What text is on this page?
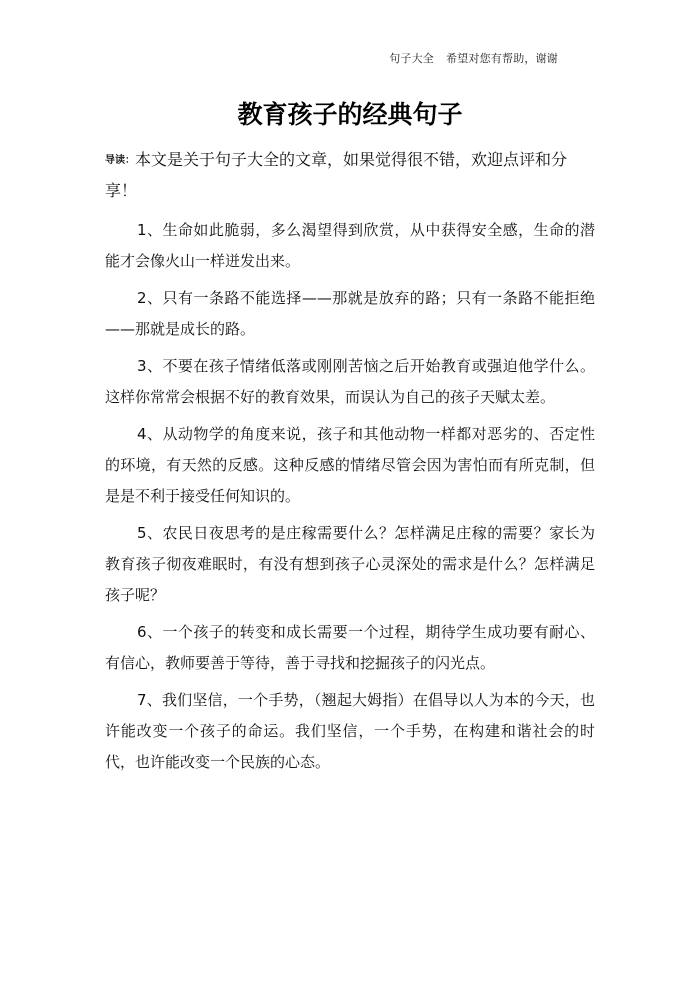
句子大全 希望对您有帮助，谢谢
教育孩子的经典句子
导读：本文是关于句子大全的文章，如果觉得很不错，欢迎点评和分享！

1、生命如此脆弱，多么渴望得到欣赏，从中获得安全感，生命的潜能才会像火山一样迸发出来。

2、只有一条路不能选择——那就是放弃的路；只有一条路不能拒绝——那就是成长的路。

3、不要在孩子情绪低落或刚刚苦恼之后开始教育或强迫他学什么。这样你常常会根据不好的教育效果，而误认为自己的孩子天赋太差。

4、从动物学的角度来说，孩子和其他动物一样都对恶劣的、否定性的环境，有天然的反感。这种反感的情绪尽管会因为害怕而有所克制，但是是不利于接受任何知识的。

5、农民日夜思考的是庄稼需要什么？怎样满足庄稼的需要？家长为教育孩子彻夜难眠时，有没有想到孩子心灵深处的需求是什么？怎样满足孩子呢？

6、一个孩子的转变和成长需要一个过程，期待学生成功要有耐心、有信心，教师要善于等待，善于寻找和挖掘孩子的闪光点。

7、我们坚信，一个手势，（翘起大姆指）在倡导以人为本的今天，也许能改变一个孩子的命运。我们坚信，一个手势，在构建和谐社会的时代，也许能改变一个民族的心态。
